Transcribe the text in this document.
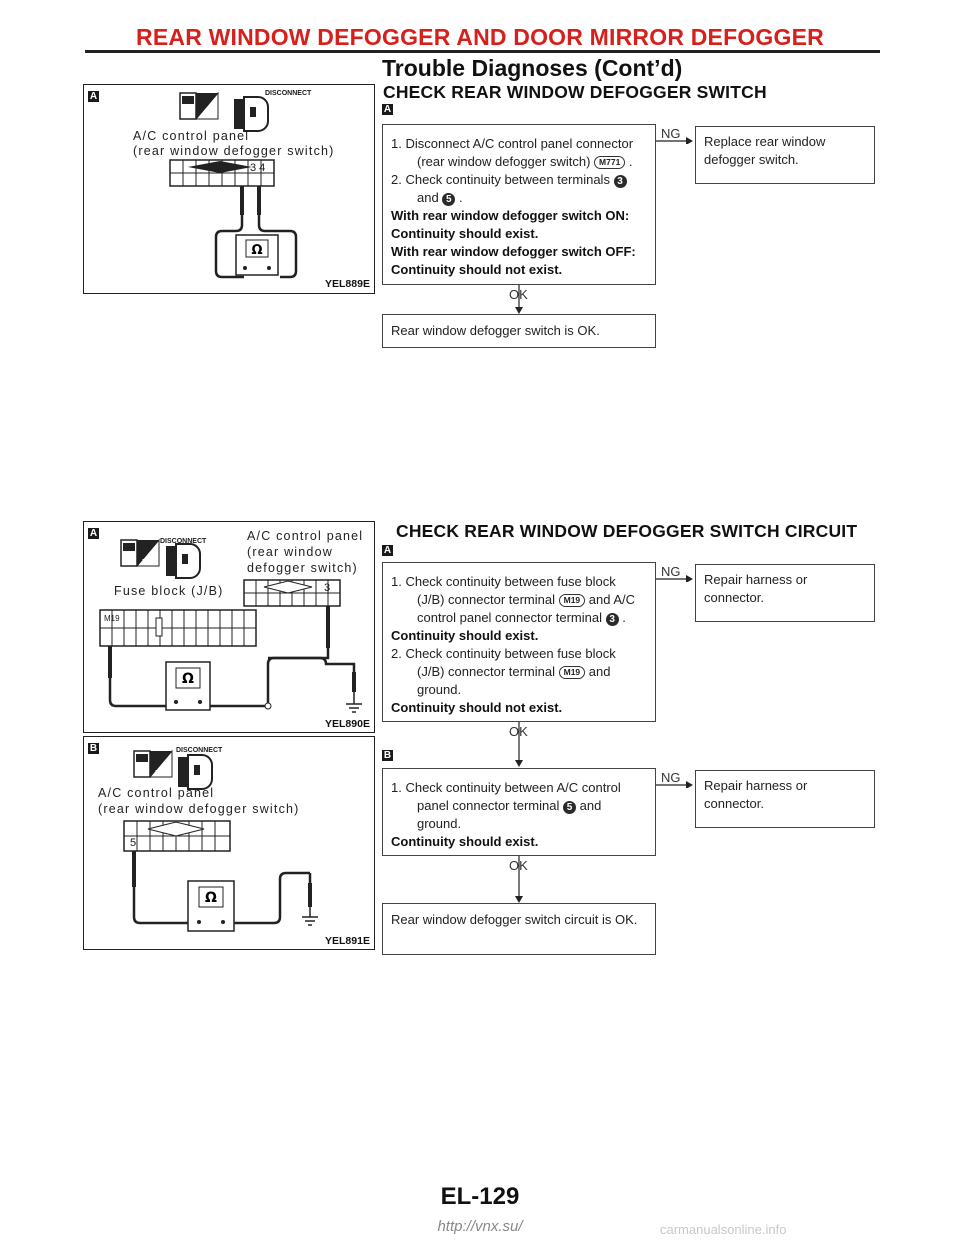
REAR WINDOW DEFOGGER AND DOOR MIRROR DEFOGGER
Trouble Diagnoses (Cont’d)
Ω
A	DISCONNECT
T.S.
A/C control panel
(rear window defogger switch)
3 4
YEL889E
CHECK REAR WINDOW DEFOGGER SWITCH
A
1. Disconnect A/C control panel connector
(rear window defogger switch) M771 .
2. Check continuity between terminals 3
and 5 .
With rear window defogger switch ON:
Continuity should exist.
With rear window defogger switch OFF:
Continuity should not exist.
NG
Replace rear window defogger switch.
OK
Rear window defogger switch is OK.
CHECK REAR WINDOW DEFOGGER SWITCH CIRCUIT
Ω
A
DISCONNECT
H.S.
A/C control panel
(rear window
defogger switch)
Fuse block (J/B)
M19
3
YEL890E
Ω
B	DISCONNECT
H.S.
A/C control panel
(rear window defogger switch)
5
YEL891E
A
1. Check continuity between fuse block
(J/B) connector terminal M19 and A/C
control panel connector terminal 3 .
Continuity should exist.
2. Check continuity between fuse block
(J/B) connector terminal M19 and
ground.
Continuity should not exist.
NG
Repair harness or connector.
OK
B
1. Check continuity between A/C control
panel connector terminal 5 and
ground.
Continuity should exist.
NG
Repair harness or connector.
OK
Rear window defogger switch circuit is OK.
EL-129
http://vnx.su/	carmanualsonline.info
